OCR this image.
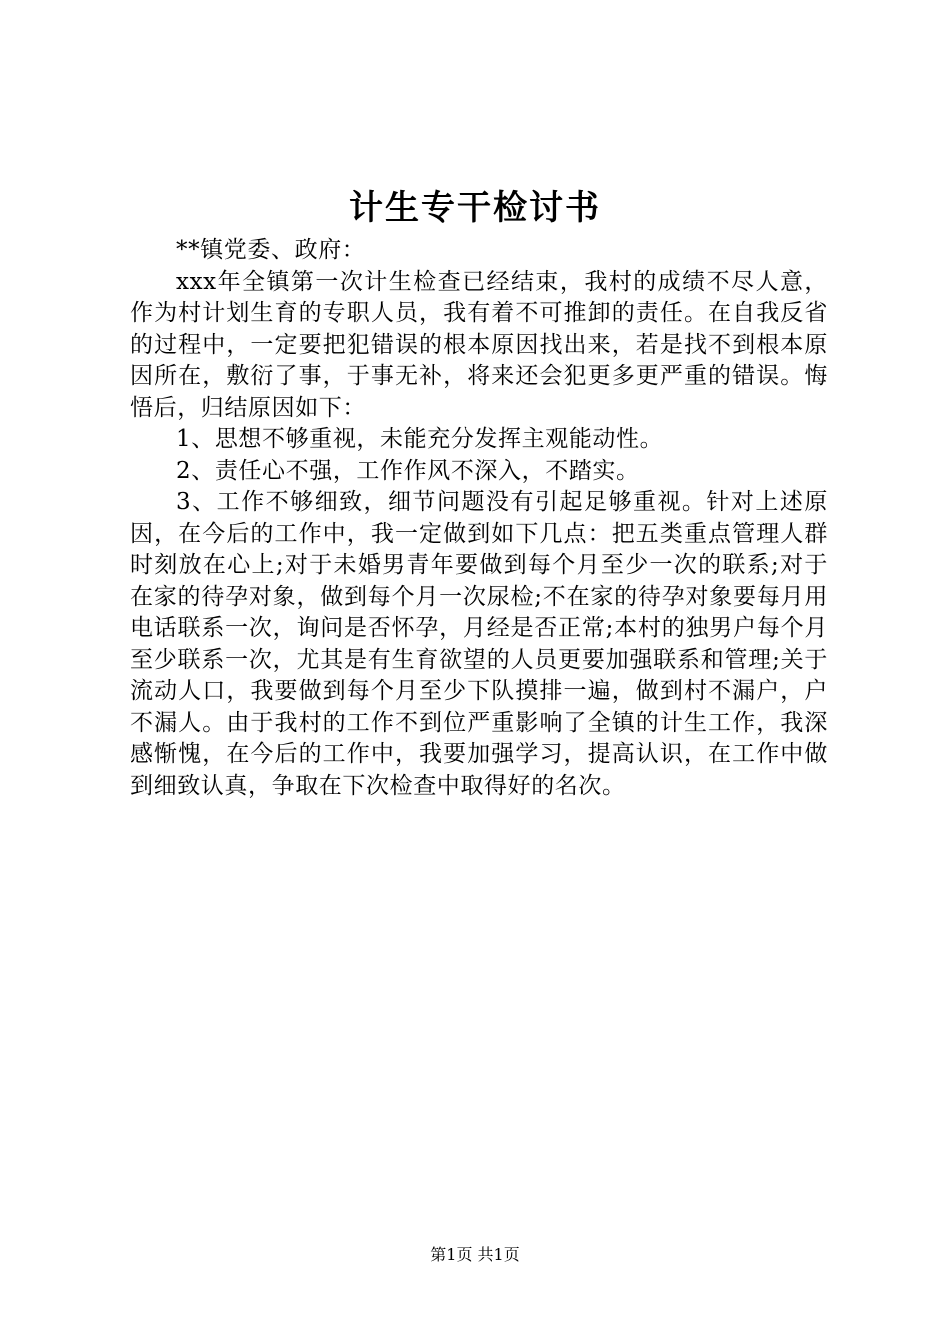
计生专干检讨书

**镇党委、政府：

xxx年全镇第一次计生检查已经结束，我村的成绩不尽人意，作为村计划生育的专职人员，我有着不可推卸的责任。在自我反省的过程中，一定要把犯错误的根本原因找出来，若是找不到根本原因所在，敷衍了事，于事无补，将来还会犯更多更严重的错误。悔悟后，归结原因如下：

1、思想不够重视，未能充分发挥主观能动性。

2、责任心不强，工作作风不深入，不踏实。

3、工作不够细致，细节问题没有引起足够重视。针对上述原因，在今后的工作中，我一定做到如下几点：把五类重点管理人群时刻放在心上;对于未婚男青年要做到每个月至少一次的联系;对于在家的待孕对象，做到每个月一次尿检;不在家的待孕对象要每月用电话联系一次，询问是否怀孕，月经是否正常;本村的独男户每个月至少联系一次，尤其是有生育欲望的人员更要加强联系和管理;关于流动人口，我要做到每个月至少下队摸排一遍，做到村不漏户，户不漏人。由于我村的工作不到位严重影响了全镇的计生工作，我深感惭愧，在今后的工作中，我要加强学习，提高认识，在工作中做到细致认真，争取在下次检查中取得好的名次。

第1页 共1页
